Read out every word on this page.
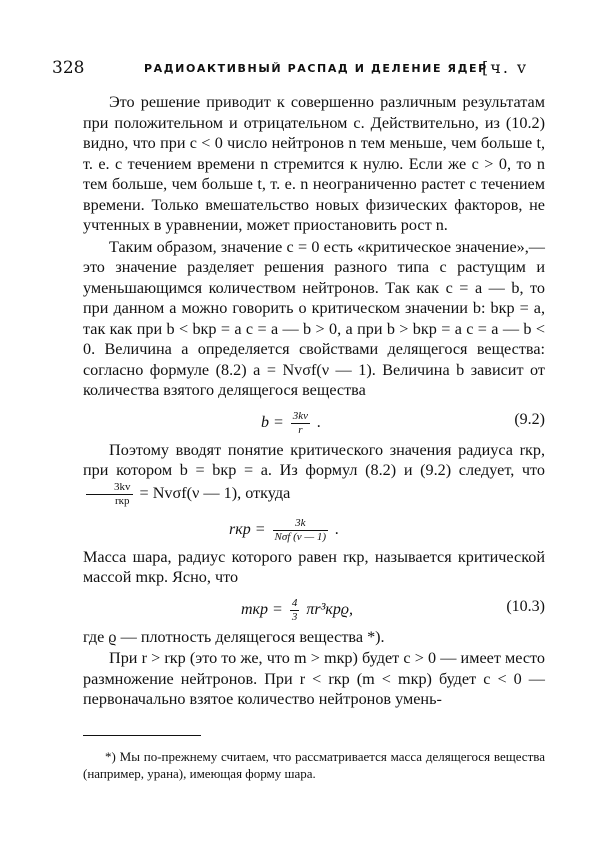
328	РАДИОАКТИВНЫЙ РАСПАД И ДЕЛЕНИЕ ЯДЕР
[ч. v

Это решение приводит к совершенно различным результатам при положительном и отрицательном c. Действительно, из (10.2) видно, что при c < 0 число нейтронов n тем меньше, чем больше t, т. е. с течением времени n стремится к нулю. Если же c > 0, то n тем больше, чем больше t, т. е. n неограниченно растет с течением времени. Только вмешательство новых физических факторов, не учтенных в уравнении, может приостановить рост n.

Таким образом, значение c = 0 есть «критическое значение»,— это значение разделяет решения разного типа с растущим и уменьшающимся количеством нейтронов. Так как c = a — b, то при данном a можно говорить о критическом значении b: bкр = a, так как при b < bкр = a c = a — b > 0, а при b > bкр = a c = a — b < 0. Величина a определяется свойствами делящегося вещества: согласно формуле (8.2) a = Nvσf(ν — 1). Величина b зависит от количества взятого делящегося вещества

$b = \frac{3kv}{r}$ .	(9.2)

Поэтому вводят понятие критического значения радиуса rкр, при котором b = bкр = a. Из формул (8.2) и (9.2) следует, что
$\frac{3kv}{\text{rкр}} = Nv\sigma f(\nu$ — 1), откуда

rкр = $\frac{3k}{\text{Nσf (ν — 1)}}$ .

Масса шара, радиус которого равен rкр, называется критической массой mкр. Ясно, что

mкр = $\frac{4}{3} \pi r^3крϱ$,	(10.3)

где ϱ — плотность делящегося вещества *).

При r > rкр (это то же, что m > mкр) будет c > 0 — имеет место размножение нейтронов. При r < rкр (m < mкр) будет c < 0 — первоначально взятое количество нейтронов умень-

*) Мы по-прежнему считаем, что рассматривается масса делящегося вещества (например, урана), имеющая форму шара.
